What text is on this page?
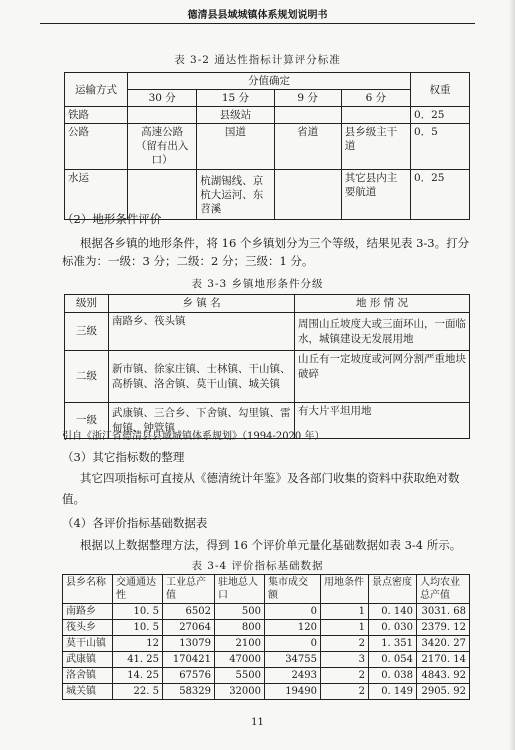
德清县县域城镇体系规划说明书
表 3-2 通达性指标计算评分标准
运输方式	分值确定				权重
	30 分	15 分	9 分	6 分	
铁路		县级站			0．25
公路	高速公路（留有出入口）	国道	省道	县乡级主干道	0．5
水运		杭湖锡线、京杭大运河、东苕溪		其它县内主要航道	0．25
（2）地形条件评价
根据各乡镇的地形条件，将 16 个乡镇划分为三个等级，结果见表 3-3。打分标准为：一级：3 分；二级：2 分；三级：1 分。
表 3-3 乡镇地形条件分级
级别	乡 镇 名	地 形 情 况
三级	南路乡、筏头镇	周围山丘坡度大或三面环山，一面临水，城镇建设无发展用地
二级	新市镇、徐家庄镇、士林镇、干山镇、高桥镇、洛舍镇、莫干山镇、城关镇	山丘有一定坡度或河网分割严重地块破碎
一级	武康镇、三合乡、下舍镇、勾里镇、雷甸镇、钟管镇	有大片平坦用地
引自《浙江省德清县县域城镇体系规划》（1994-2020 年）
（3）其它指标数的整理
其它四项指标可直接从《德清统计年鉴》及各部门收集的资料中获取绝对数值。
（4）各评价指标基础数据表
根据以上数据整理方法，得到 16 个评价单元量化基础数据如表 3-4 所示。
表 3-4 评价指标基础数据
县乡名称	交通通达性	工业总产值	驻地总人口	集市成交额	用地条件	景点密度	人均农业总产值
南路乡	10. 5	6502	500	0	1	0. 140	3031. 68
筏头乡	10. 5	27064	800	120	1	0. 030	2379. 12
莫干山镇	12	13079	2100	0	2	1. 351	3420. 27
武康镇	41. 25	170421	47000	34755	3	0. 054	2170. 14
洛舍镇	14. 25	67576	5500	2493	2	0. 038	4843. 92
城关镇	22. 5	58329	32000	19490	2	0. 149	2905. 92
11
